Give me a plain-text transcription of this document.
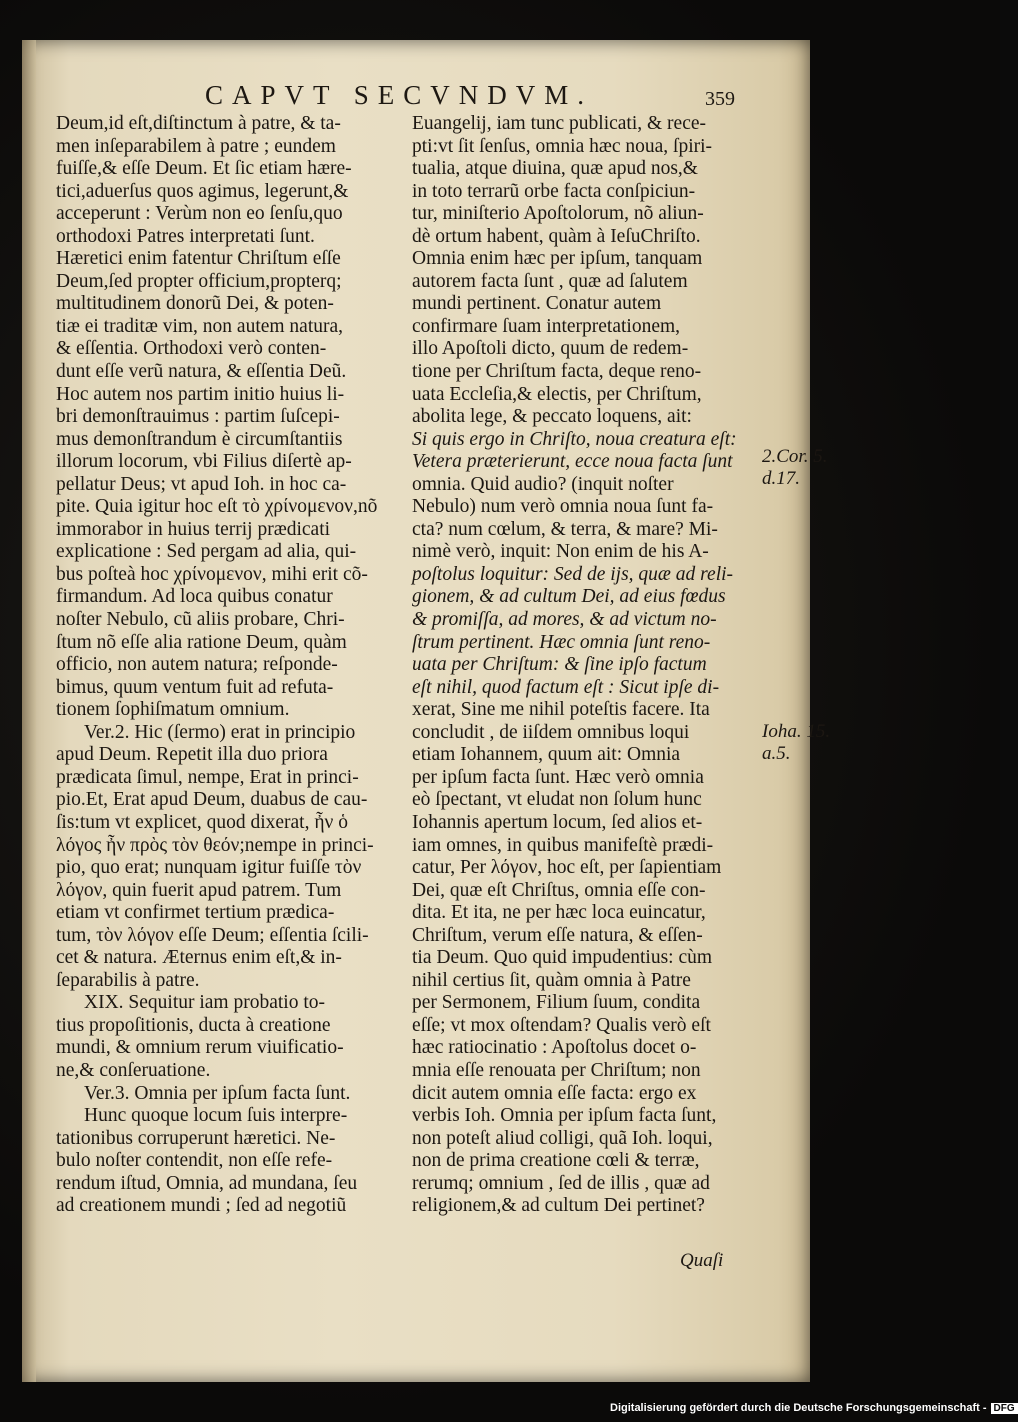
CAPVT SECVNDVM.	359
Deum,id eſt,diſtinctum à patre, & ta-
men inſeparabilem à patre ; eundem
fuiſſe,& eſſe Deum. Et ſic etiam hære-
tici,aduerſus quos agimus, legerunt,&
acceperunt : Verùm non eo ſenſu,quo
orthodoxi Patres interpretati ſunt.
Hæretici enim fatentur Chriſtum eſſe
Deum,ſed propter officium,propterq;
multitudinem donorũ Dei, & poten-
tiæ ei traditæ vim, non autem natura,
& eſſentia. Orthodoxi verò conten-
dunt eſſe verũ natura, & eſſentia Deũ.
Hoc autem nos partim initio huius li-
bri demonſtrauimus : partim ſuſcepi-
mus demonſtrandum è circumſtantiis
illorum locorum, vbi Filius diſertè ap-
pellatur Deus; vt apud Ioh. in hoc ca-
pite. Quia igitur hoc eſt τὸ χρίνομενον,nõ
immorabor in huius terrij prædicati
explicatione : Sed pergam ad alia, qui-
bus poſteà hoc χρίνομενον, mihi erit cõ-
firmandum. Ad loca quibus conatur
noſter Nebulo, cũ aliis probare, Chri-
ſtum nõ eſſe alia ratione Deum, quàm
officio, non autem natura; reſponde-
bimus, quum ventum fuit ad refuta-
tionem ſophiſmatum omnium.
Ver.2. Hic (ſermo) erat in principio
apud Deum. Repetit illa duo priora
prædicata ſimul, nempe, Erat in princi-
pio.Et, Erat apud Deum, duabus de cau-
ſis:tum vt explicet, quod dixerat, ἦν ὁ
λόγος ἦν πρὸς τὸν θεόν;nempe in princi-
pio, quo erat; nunquam igitur fuiſſe τὸν
λόγον, quin fuerit apud patrem. Tum
etiam vt confirmet tertium prædica-
tum, τὸν λόγον eſſe Deum; eſſentia ſcili-
cet & natura. Æternus enim eſt,& in-
ſeparabilis à patre.
XIX. Sequitur iam probatio to-
tius propoſitionis, ducta à creatione
mundi, & omnium rerum viuificatio-
ne,& conſeruatione.
Ver.3. Omnia per ipſum facta ſunt.
Hunc quoque locum ſuis interpre-
tationibus corruperunt hæretici. Ne-
bulo noſter contendit, non eſſe refe-
rendum iſtud, Omnia, ad mundana, ſeu
ad creationem mundi ; ſed ad negotiũ
Euangelij, iam tunc publicati, & rece-
pti:vt ſit ſenſus, omnia hæc noua, ſpiri-
tualia, atque diuina, quæ apud nos,&
in toto terrarũ orbe facta conſpiciun-
tur, miniſterio Apoſtolorum, nõ aliun-
dè ortum habent, quàm à IeſuChriſto.
Omnia enim hæc per ipſum, tanquam
autorem facta ſunt , quæ ad ſalutem
mundi pertinent. Conatur autem
confirmare ſuam interpretationem,
illo Apoſtoli dicto, quum de redem-
tione per Chriſtum facta, deque reno-
uata Eccleſia,& electis, per Chriſtum,
abolita lege, & peccato loquens, ait:
Si quis ergo in Chriſto, noua creatura eſt:
Vetera præterierunt, ecce noua facta ſunt
omnia. Quid audio? (inquit noſter
Nebulo) num verò omnia noua ſunt fa-
cta? num cœlum, & terra, & mare? Mi-
nimè verò, inquit: Non enim de his A-
poſtolus loquitur: Sed de ijs, quæ ad reli-
gionem, & ad cultum Dei, ad eius fœdus
& promiſſa, ad mores, & ad victum no-
ſtrum pertinent. Hæc omnia ſunt reno-
uata per Chriſtum: & ſine ipſo factum
eſt nihil, quod factum eſt : Sicut ipſe di-
xerat, Sine me nihil poteſtis facere. Ita
concludit , de iiſdem omnibus loqui
etiam Iohannem, quum ait: Omnia
per ipſum facta ſunt. Hæc verò omnia
eò ſpectant, vt eludat non ſolum hunc
Iohannis apertum locum, ſed alios et-
iam omnes, in quibus manifeſtè prædi-
catur, Per λόγον, hoc eſt, per ſapientiam
Dei, quæ eſt Chriſtus, omnia eſſe con-
dita. Et ita, ne per hæc loca euincatur,
Chriſtum, verum eſſe natura, & eſſen-
tia Deum. Quo quid impudentius: cùm
nihil certius ſit, quàm omnia à Patre
per Sermonem, Filium ſuum, condita
eſſe; vt mox oſtendam? Qualis verò eſt
hæc ratiocinatio : Apoſtolus docet o-
mnia eſſe renouata per Chriſtum; non
dicit autem omnia eſſe facta: ergo ex
verbis Ioh. Omnia per ipſum facta ſunt,
non poteſt aliud colligi, quã Ioh. loqui,
non de prima creatione cœli & terræ,
rerumq; omnium , ſed de illis , quæ ad
religionem,& ad cultum Dei pertinet?
2.Cor. 5.
d.17.
Ioha. 15.
a.5.
Quaſi
Digitalisierung gefördert durch die Deutsche Forschungsgemeinschaft - DFG
